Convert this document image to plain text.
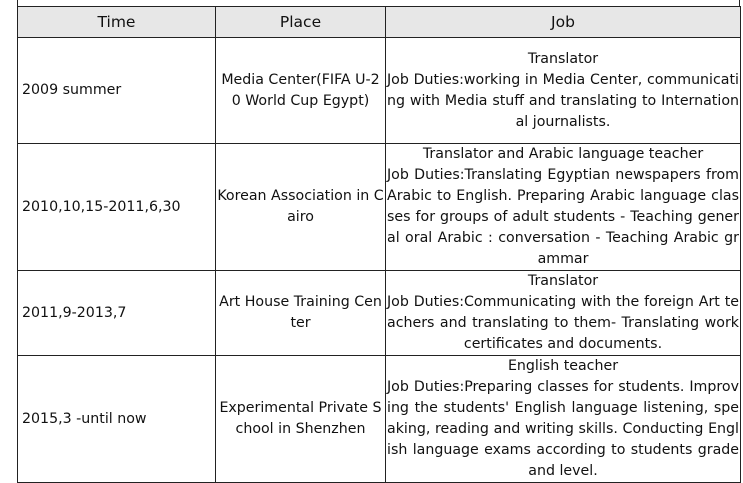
Time	Place	Job
2009 summer	Media Center(FIFA U-20 World Cup Egypt)	Translator
Job Duties:working in Media Center, communicating with Media stuff and translating to International journalists.

2010,10,15-2011,6,30	Korean Association in Cairo	Translator and Arabic language teacher
Job Duties:Translating Egyptian newspapers from Arabic to English. Preparing Arabic language classes for groups of adult students - Teaching general oral Arabic : conversation - Teaching Arabic grammar

2011,9-2013,7	Art House Training Center	Translator
Job Duties:Communicating with the foreign Art teachers and translating to them- Translating work certificates and documents.

2015,3 -until now	Experimental Private School in Shenzhen	English teacher
Job Duties:Preparing classes for students. Improving the students' English language listening, speaking, reading and writing skills. Conducting English language exams according to students grade and level.
